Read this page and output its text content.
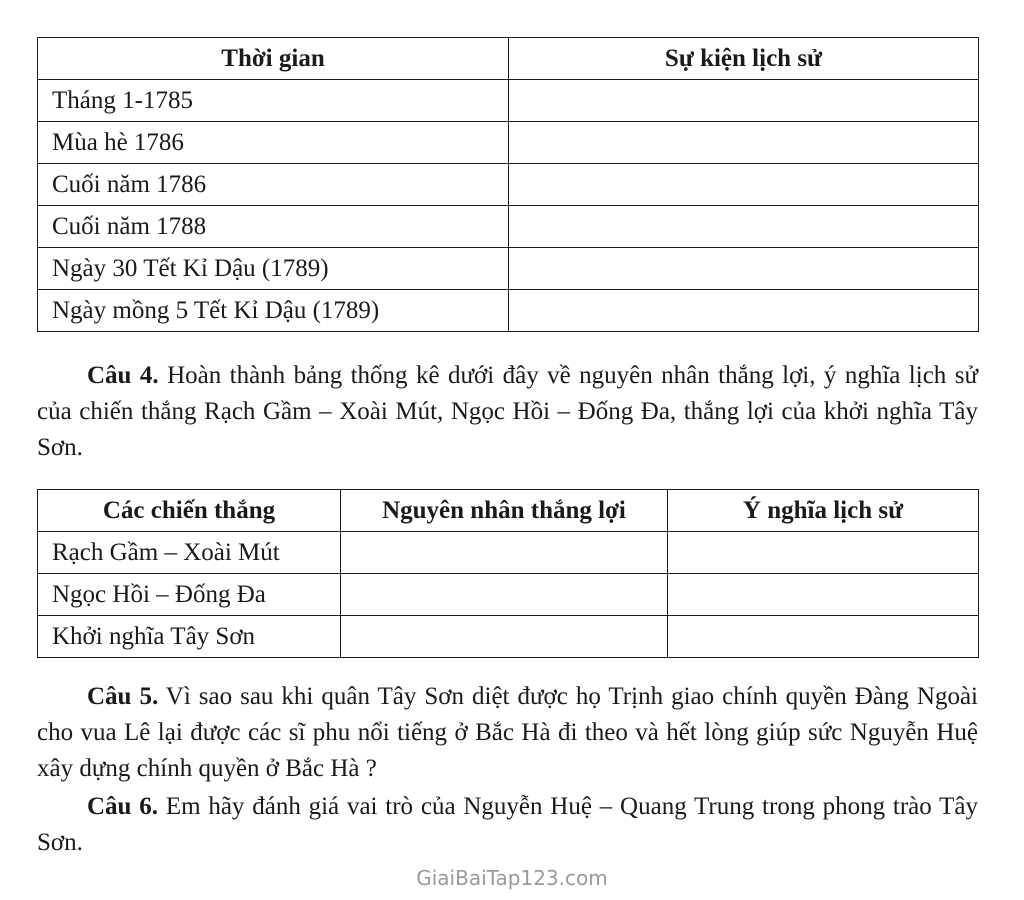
Thời gian	Sự kiện lịch sử
Tháng 1-1785	
Mùa hè 1786	
Cuối năm 1786	
Cuối năm 1788	
Ngày 30 Tết Kỉ Dậu (1789)	
Ngày mồng 5 Tết Kỉ Dậu (1789)	

Câu 4. Hoàn thành bảng thống kê dưới đây về nguyên nhân thắng lợi, ý nghĩa lịch sử của chiến thắng Rạch Gầm – Xoài Mút, Ngọc Hồi – Đống Đa, thắng lợi của khởi nghĩa Tây Sơn.

Các chiến thắng	Nguyên nhân thắng lợi	Ý nghĩa lịch sử
Rạch Gầm – Xoài Mút		
Ngọc Hồi – Đống Đa		
Khởi nghĩa Tây Sơn		

Câu 5. Vì sao sau khi quân Tây Sơn diệt được họ Trịnh giao chính quyền Đàng Ngoài cho vua Lê lại được các sĩ phu nổi tiếng ở Bắc Hà đi theo và hết lòng giúp sức Nguyễn Huệ xây dựng chính quyền ở Bắc Hà ?

Câu 6. Em hãy đánh giá vai trò của Nguyễn Huệ – Quang Trung trong phong trào Tây Sơn.

GiaiBaiTap123.com
